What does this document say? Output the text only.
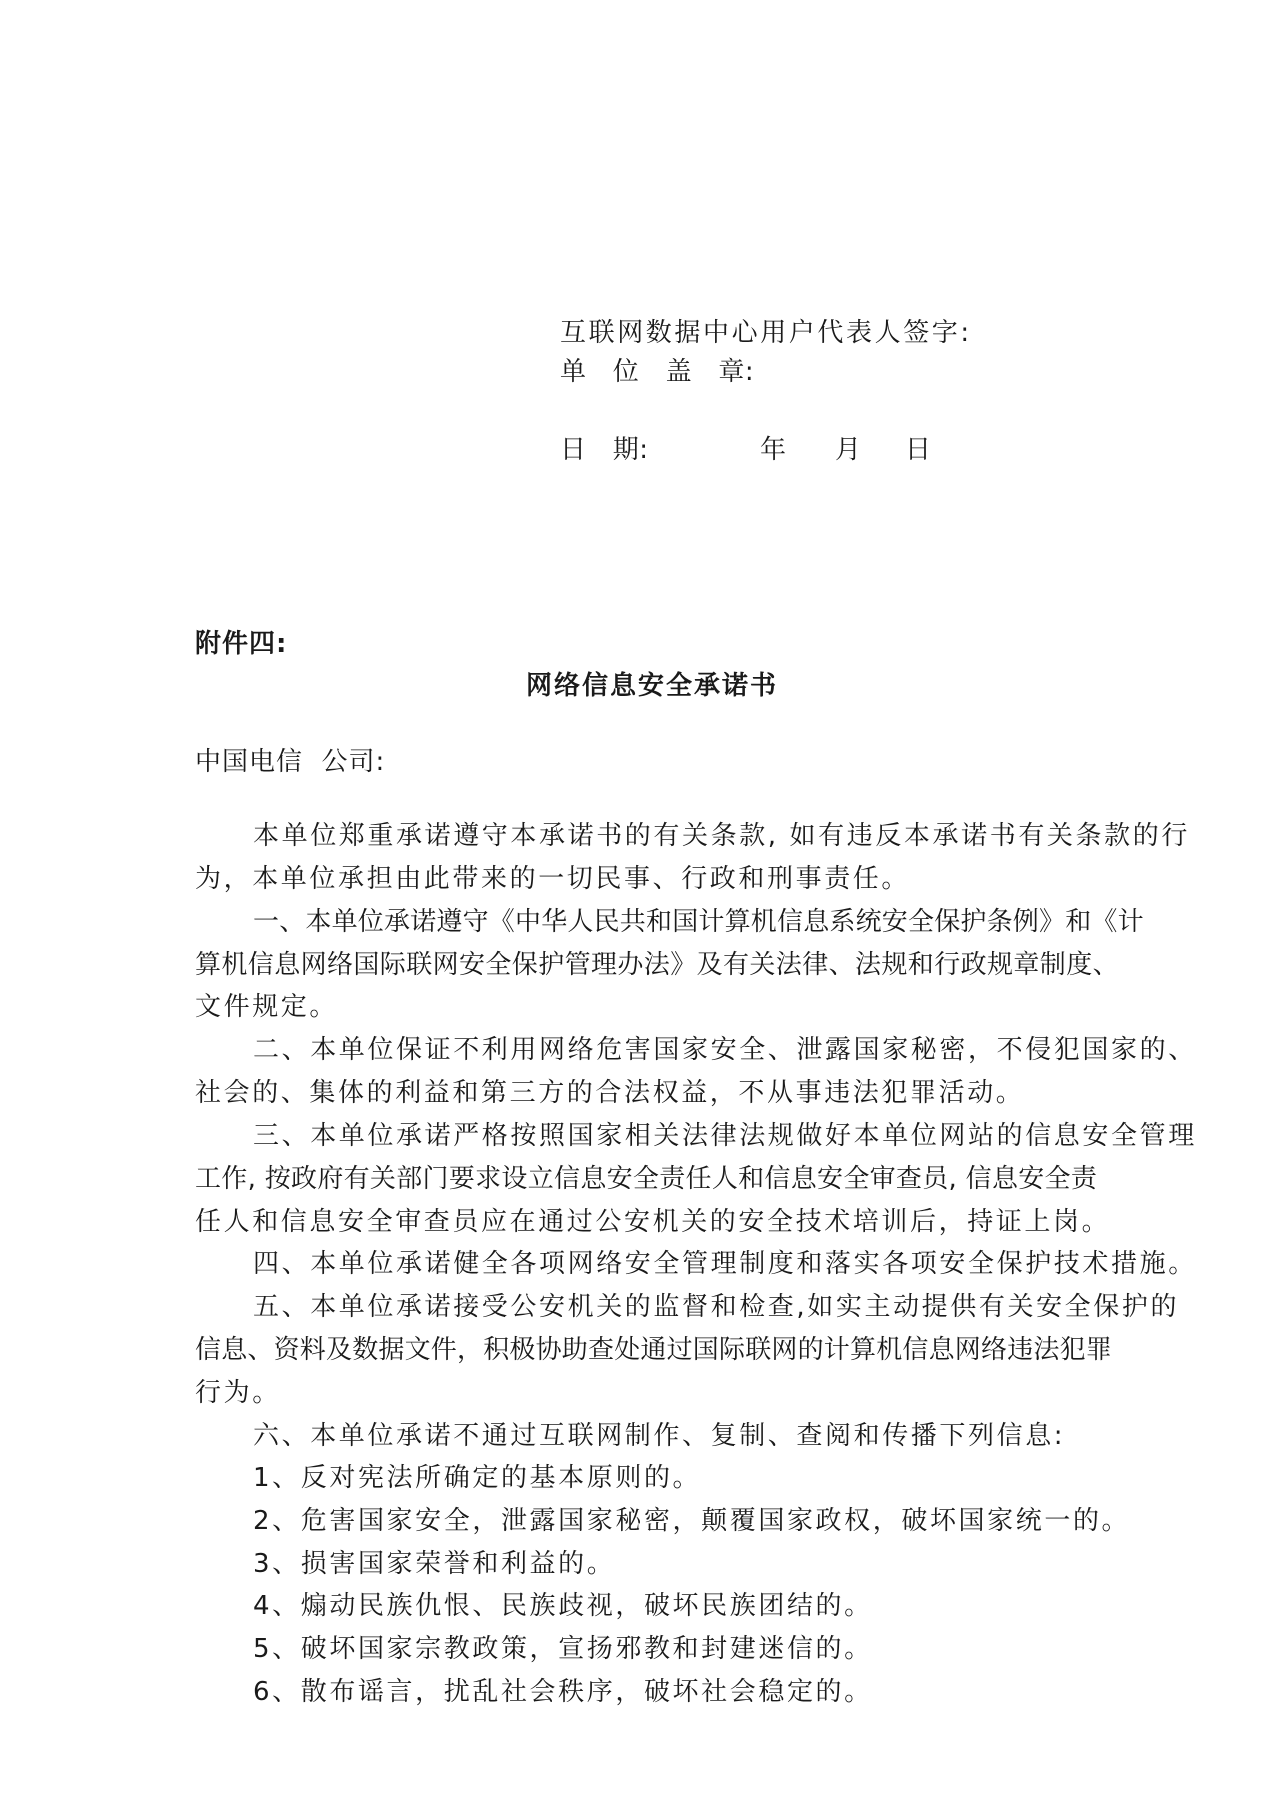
互联网数据中心用户代表人签字:
单   位   盖   章:
日   期:	年 月 日
附件四:
网络信息安全承诺书
中国电信  公司:
本单位郑重承诺遵守本承诺书的有关条款, 如有违反本承诺书有关条款的行
为，本单位承担由此带来的一切民事、行政和刑事责任。
一、本单位承诺遵守《中华人民共和国计算机信息系统安全保护条例》和《计
算机信息网络国际联网安全保护管理办法》及有关法律、法规和行政规章制度、
文件规定。
二、本单位保证不利用网络危害国家安全、泄露国家秘密，不侵犯国家的、
社会的、集体的利益和第三方的合法权益，不从事违法犯罪活动。
三、本单位承诺严格按照国家相关法律法规做好本单位网站的信息安全管理
工作, 按政府有关部门要求设立信息安全责任人和信息安全审查员, 信息安全责
任人和信息安全审查员应在通过公安机关的安全技术培训后，持证上岗。
四、本单位承诺健全各项网络安全管理制度和落实各项安全保护技术措施。
五、本单位承诺接受公安机关的监督和检查,如实主动提供有关安全保护的
信息、资料及数据文件，积极协助查处通过国际联网的计算机信息网络违法犯罪
行为。
六、本单位承诺不通过互联网制作、复制、查阅和传播下列信息:
1、反对宪法所确定的基本原则的。
2、危害国家安全，泄露国家秘密，颠覆国家政权，破坏国家统一的。
3、损害国家荣誉和利益的。
4、煽动民族仇恨、民族歧视，破坏民族团结的。
5、破坏国家宗教政策，宣扬邪教和封建迷信的。
6、散布谣言，扰乱社会秩序，破坏社会稳定的。
